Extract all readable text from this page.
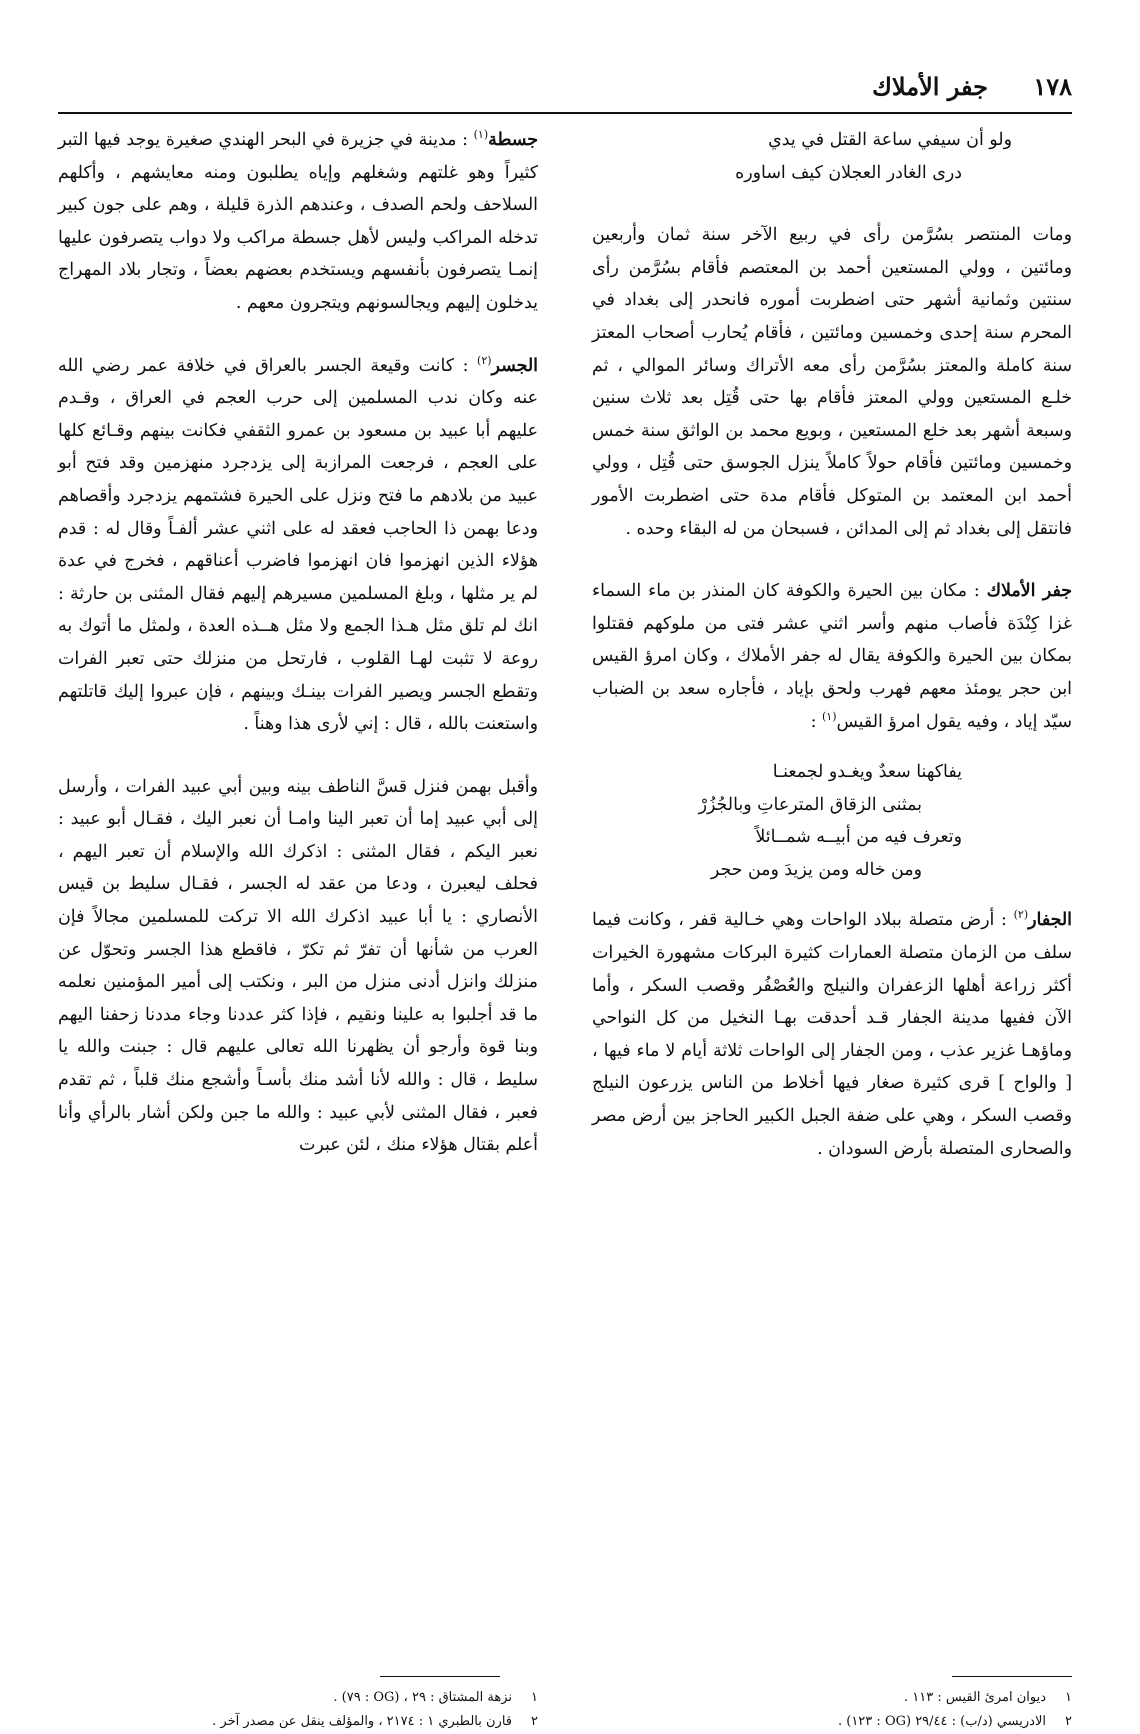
١٧٨
جفر الأملاك

ولو أن سيفي ساعة القتل في يدي

درى الغادر العجلان كيف اساوره

ومات المنتصر بسُرَّمن رأى في ربيع الآخر سنة ثمان وأربعين ومائتين ، وولي المستعين أحمد بن المعتصم فأقام بسُرَّمن رأى سنتين وثمانية أشهر حتى اضطربت أموره فانحدر إلى بغداد في المحرم سنة إحدى وخمسين ومائتين ، فأقام يُحارب أصحاب المعتز سنة كاملة والمعتز بسُرَّمن رأى معه الأتراك وسائر الموالي ، ثم خلـع المستعين وولي المعتز فأقام بها حتى قُتِل بعد ثلاث سنين وسبعة أشهر بعد خلع المستعين ، وبويع محمد بن الواثق سنة خمس وخمسين ومائتين فأقام حولاً كاملاً ينزل الجوسق حتى قُتِل ، وولي أحمد ابن المعتمد بن المتوكل فأقام مدة حتى اضطربت الأمور فانتقل إلى بغداد ثم إلى المدائن ، فسبحان من له البقاء وحده .

جفر الأملاك : مكان بين الحيرة والكوفة كان المنذر بن ماء السماء غزا كِنْدَة فأصاب منهم وأسر اثني عشر فتى من ملوكهم فقتلوا بمكان بين الحيرة والكوفة يقال له جفر الأملاك ، وكان امرؤ القيس ابن حجر يومئذ معهم فهرب ولحق بإياد ، فأجاره سعد بن الضباب سيّد إياد ، وفيه يقول امرؤ القيس$^{(١)}$ :

يفاكهنا سعدٌ ويغـدو لجمعنـا

بمثنى الزقاق المترعاتِ وبالجُزُرْ

وتعرف فيه من أبيــه شمــائلاً

ومن خاله ومن يزيدَ ومن حجر

الجفار$^{(٢)}$ : أرض متصلة ببلاد الواحات وهي خـالية قفر ، وكانت فيما سلف من الزمان متصلة العمارات كثيرة البركات مشهورة الخيرات أكثر زراعة أهلها الزعفران والنيلج والعُصْفُر وقصب السكر ، وأما الآن ففيها مدينة الجفار قـد أحدقت بهـا النخيل من كل النواحي وماؤهـا غزير عذب ، ومن الجفار إلى الواحات ثلاثة أيام لا ماء فيها ، [ والواح ] قرى كثيرة صغار فيها أخلاط من الناس يزرعون النيلج وقصب السكر ، وهي على ضفة الجبل الكبير الحاجز بين أرض مصر والصحارى المتصلة بأرض السودان .

جسطة$^{(١)}$ : مدينة في جزيرة في البحر الهندي صغيرة يوجد فيها التبر كثيراً وهو غلتهم وشغلهم وإياه يطلبون ومنه معايشهم ، وأكلهم السلاحف ولحم الصدف ، وعندهم الذرة قليلة ، وهم على جون كبير تدخله المراكب وليس لأهل جسطة مراكب ولا دواب يتصرفون عليها إنمـا يتصرفون بأنفسهم ويستخدم بعضهم بعضاً ، وتجار بلاد المهراج يدخلون إليهم ويجالسونهم ويتجرون معهم .

الجسر$^{(٢)}$ : كانت وقيعة الجسر بالعراق في خلافة عمر رضي الله عنه وكان ندب المسلمين إلى حرب العجم في العراق ، وقـدم عليهم أبا عبيد بن مسعود بن عمرو الثقفي فكانت بينهم وقـائع كلها على العجم ، فرجعت المرازبة إلى يزدجرد منهزمين وقد فتح أبو عبيد من بلادهم ما فتح ونزل على الحيرة فشتمهم يزدجرد وأقصاهم ودعا بهمن ذا الحاجب فعقد له على اثني عشر ألفـاً وقال له : قدم هؤلاء الذين انهزموا فان انهزموا فاضرب أعناقهم ، فخرج في عدة لم ير مثلها ، وبلغ المسلمين مسيرهم إليهم فقال المثنى بن حارثة : انك لم تلق مثل هـذا الجمع ولا مثل هــذه العدة ، ولمثل ما أتوك به روعة لا تثبت لهـا القلوب ، فارتحل من منزلك حتى تعبر الفرات وتقطع الجسر ويصير الفرات بينـك وبينهم ، فإن عبروا إليك قاتلتهم واستعنت بالله ، قال : إني لأرى هذا وهناً .

وأقبل بهمن فنزل قسَّ الناطف بينه وبين أبي عبيد الفرات ، وأرسل إلى أبي عبيد إما أن تعبر الينا وامـا أن نعبر اليك ، فقـال أبو عبيد : نعبر اليكم ، فقال المثنى : اذكرك الله والإسلام أن تعبر اليهم ، فحلف ليعبرن ، ودعا من عقد له الجسر ، فقـال سليط بن قيس الأنصاري : يا أبا عبيد اذكرك الله الا تركت للمسلمين مجالاً فإن العرب من شأنها أن تفرّ ثم تكرّ ، فاقطع هذا الجسر وتحوّل عن منزلك وانزل أدنى منزل من البر ، ونكتب إلى أمير المؤمنين نعلمه ما قد أجلبوا به علينا ونقيم ، فإذا كثر عددنا وجاء مددنا زحفنا اليهم وبنا قوة وأرجو أن يظهرنا الله تعالى عليهم قال : جبنت والله يا سليط ، قال : والله لأنا أشد منك بأسـاً وأشجع منك قلباً ، ثم تقدم فعبر ، فقال المثنى لأبي عبيد : والله ما جبن ولكن أشار بالرأي وأنا أعلم بقتال هؤلاء منك ، لئن عبرت

١ديوان امرئ القيس : ١١٣ .

٢الادريسي (د/ب) : ٢٩/٤٤ (OG : ١٢٣) .

١نزهة المشتاق : ٢٩ ، (OG : ٧٩) .

٢قارن بالطبري ١ : ٢١٧٤ ، والمؤلف ينقل عن مصدر آخر .
